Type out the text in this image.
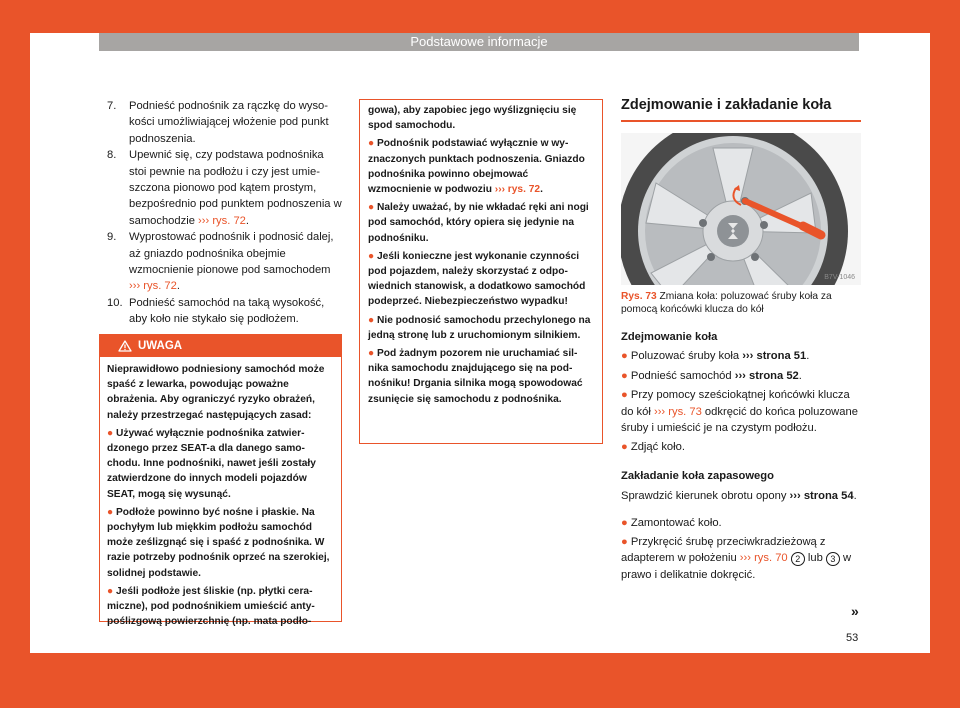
Podstawowe informacje
7.	Podnieść podnośnik za rączkę do wysokości umożliwiającej włożenie pod punkt podnoszenia.
8.	Upewnić się, czy podstawa podnośnika stoi pewnie na podłożu i czy jest umieszczona pionowo pod kątem prostym, bezpośrednio pod punktem podnoszenia w samochodzie ››› rys. 72.
9.	Wyprostować podnośnik i podnosić dalej, aż gniazdo podnośnika obejmie wzmocnienie pionowe pod samochodem ››› rys. 72.
10. Podnieść samochód na taką wysokość, aby koło nie stykało się podłożem.
UWAGA

Nieprawidłowo podniesiony samochód może spaść z lewarka, powodując poważne obrażenia. Aby ograniczyć ryzyko obrażeń, należy przestrzegać następujących zasad:

● Używać wyłącznie podnośnika zatwierdzonego przez SEAT-a dla danego samochodu. Inne podnośniki, nawet jeśli zostały zatwierdzone do innych modeli pojazdów SEAT, mogą się wysunąć.

● Podłoże powinno być nośne i płaskie. Na pochyłym lub miękkim podłożu samochód może ześlizgnąć się i spaść z podnośnika. W razie potrzeby podnośnik oprzeć na szerokiej, solidnej podstawie.

● Jeśli podłoże jest śliskie (np. płytki ceramiczne), pod podnośnikiem umieścić antypoślizgową powierzchnię (np. mata podło-

gowa), aby zapobiec jego wyślizgnięciu się spod samochodu.

● Podnośnik podstawiać wyłącznie w wyznaczonych punktach podnoszenia. Gniazdo podnośnika powinno obejmować wzmocnienie w podwoziu ››› rys. 72.

● Należy uważać, by nie wkładać ręki ani nogi pod samochód, który opiera się jedynie na podnośniku.

● Jeśli konieczne jest wykonanie czynności pod pojazdem, należy skorzystać z odpowiednich stanowisk, a dodatkowo samochód podeprzeć. Niebezpieczeństwo wypadku!

● Nie podnosić samochodu przechylonego na jedną stronę lub z uruchomionym silnikiem.

● Pod żadnym pozorem nie uruchamiać silnika samochodu znajdującego się na podnośniku! Drgania silnika mogą spowodować zsunięcie się samochodu z podnośnika.

Zdejmowanie i zakładanie koła
B7V-1046
Rys. 73 Zmiana koła: poluzować śruby koła za pomocą końcówki klucza do kół

Zdejmowanie koła

● Poluzować śruby koła ››› strona 51.

● Podnieść samochód ››› strona 52.

● Przy pomocy sześciokątnej końcówki klucza do kół ››› rys. 73 odkręcić do końca poluzowane śruby i umieścić je na czystym podłożu.

● Zdjąć koło.

Zakładanie koła zapasowego

Sprawdzić kierunek obrotu opony ››› strona 54.

● Zamontować koło.

● Przykręcić śrubę przeciwkradzieżową z adapterem w położeniu ››› rys. 70 2 lub 3 w prawo i delikatnie dokręcić.

»
53
